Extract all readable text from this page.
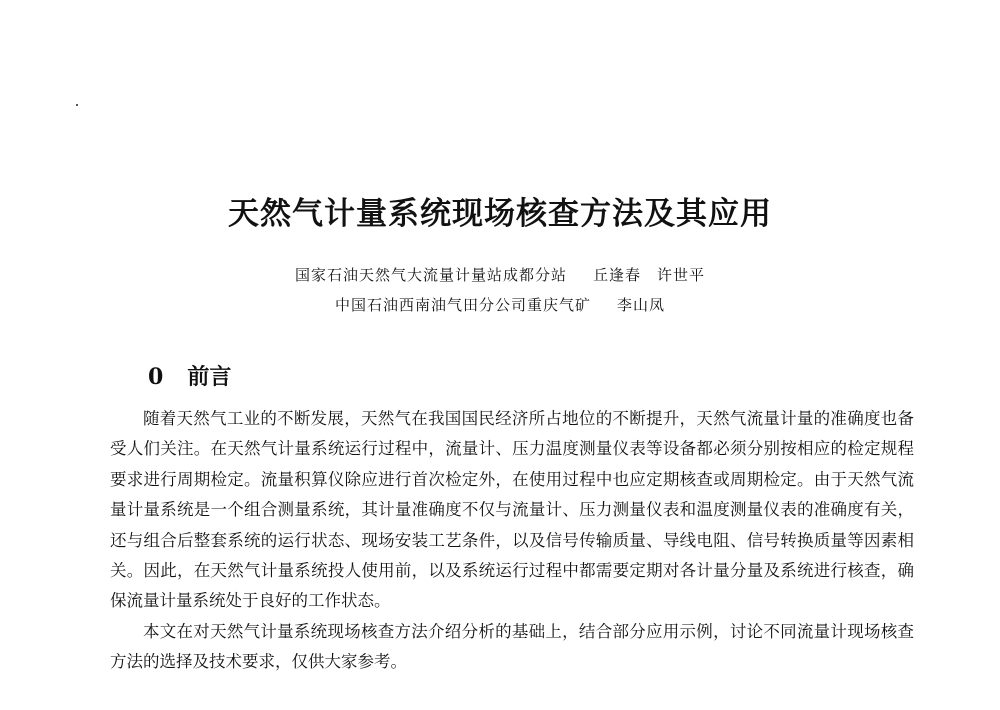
天然气计量系统现场核查方法及其应用
国家石油天然气大流量计量站成都分站 丘逢春　许世平
中国石油西南油气田分公司重庆气矿 李山凤
0 前言

随着天然气工业的不断发展，天然气在我国国民经济所占地位的不断提升，天然气流量计量的准确度也备受人们关注。在天然气计量系统运行过程中，流量计、压力温度测量仪表等设备都必须分别按相应的检定规程要求进行周期检定。流量积算仪除应进行首次检定外，在使用过程中也应定期核查或周期检定。由于天然气流量计量系统是一个组合测量系统，其计量准确度不仅与流量计、压力测量仪表和温度测量仪表的准确度有关，还与组合后整套系统的运行状态、现场安装工艺条件，以及信号传输质量、导线电阻、信号转换质量等因素相关。因此，在天然气计量系统投人使用前，以及系统运行过程中都需要定期对各计量分量及系统进行核查，确保流量计量系统处于良好的工作状态。

本文在对天然气计量系统现场核查方法介绍分析的基础上，结合部分应用示例，讨论不同流量计现场核查方法的选择及技术要求，仅供大家参考。
